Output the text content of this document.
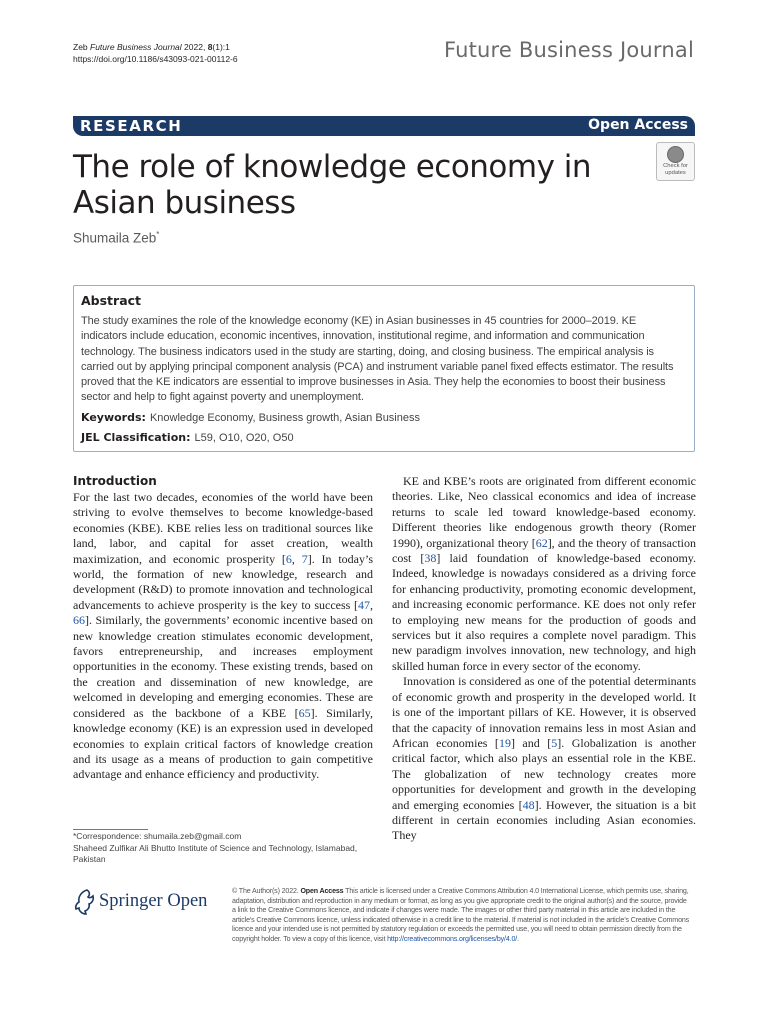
Zeb Future Business Journal 2022, 8(1):1
https://doi.org/10.1186/s43093-021-00112-6	Future Business Journal
RESEARCH	Open Access
The role of knowledge economy in Asian business
Check for
updates
Shumaila Zeb*
Abstract
The study examines the role of the knowledge economy (KE) in Asian businesses in 45 countries for 2000–2019. KE indicators include education, economic incentives, innovation, institutional regime, and information and communication technology. The business indicators used in the study are starting, doing, and closing business. The empirical analysis is carried out by applying principal component analysis (PCA) and instrument variable panel fixed effects estimator. The results proved that the KE indicators are essential to improve businesses in Asia. They help the economies to boost their business sector and help to fight against poverty and unemployment.
Keywords: Knowledge Economy, Business growth, Asian Business
JEL Classification: L59, O10, O20, O50
Introduction

For the last two decades, economies of the world have been striving to evolve themselves to become knowledge-based economies (KBE). KBE relies less on traditional sources like land, labor, and capital for asset creation, wealth maximization, and economic prosperity [6, 7]. In today’s world, the formation of new knowledge, research and development (R&D) to promote innovation and technological advancements to achieve prosperity is the key to success [47, 66]. Similarly, the governments’ economic incentive based on new knowledge creation stimulates economic development, favors entrepreneurship, and increases employment opportunities in the economy. These existing trends, based on the creation and dissemination of new knowledge, are welcomed in developing and emerging economies. These are considered as the backbone of a KBE [65]. Similarly, knowledge economy (KE) is an expression used in developed economies to explain critical factors of knowledge creation and its usage as a means of production to gain competitive advantage and enhance efficiency and productivity.

KE and KBE’s roots are originated from different economic theories. Like, Neo classical economics and idea of increase returns to scale led toward knowledge-based economy. Different theories like endogenous growth theory (Romer 1990), organizational theory [62], and the theory of transaction cost [38] laid foundation of knowledge-based economy. Indeed, knowledge is nowadays considered as a driving force for enhancing productivity, promoting economic development, and increasing economic performance. KE does not only refer to employing new means for the production of goods and services but it also requires a complete novel paradigm. This new paradigm involves innovation, new technology, and high skilled human force in every sector of the economy.

Innovation is considered as one of the potential determinants of economic growth and prosperity in the developed world. It is one of the important pillars of KE. However, it is observed that the capacity of innovation remains less in most Asian and African economies [19] and [5]. Globalization is another critical factor, which also plays an essential role in the KBE. The globalization of new technology creates more opportunities for development and growth in the developing and emerging economies [48]. However, the situation is a bit different in certain economies including Asian economies. They

*Correspondence: shumaila.zeb@gmail.com
Shaheed Zulfikar Ali Bhutto Institute of Science and Technology, Islamabad, Pakistan
Springer Open	© The Author(s) 2022. Open Access This article is licensed under a Creative Commons Attribution 4.0 International License, which permits use, sharing, adaptation, distribution and reproduction in any medium or format, as long as you give appropriate credit to the original author(s) and the source, provide a link to the Creative Commons licence, and indicate if changes were made. The images or other third party material in this article are included in the article’s Creative Commons licence, unless indicated otherwise in a credit line to the material. If material is not included in the article’s Creative Commons licence and your intended use is not permitted by statutory regulation or exceeds the permitted use, you will need to obtain permission directly from the copyright holder. To view a copy of this licence, visit http://creativecommons.org/licenses/by/4.0/.
